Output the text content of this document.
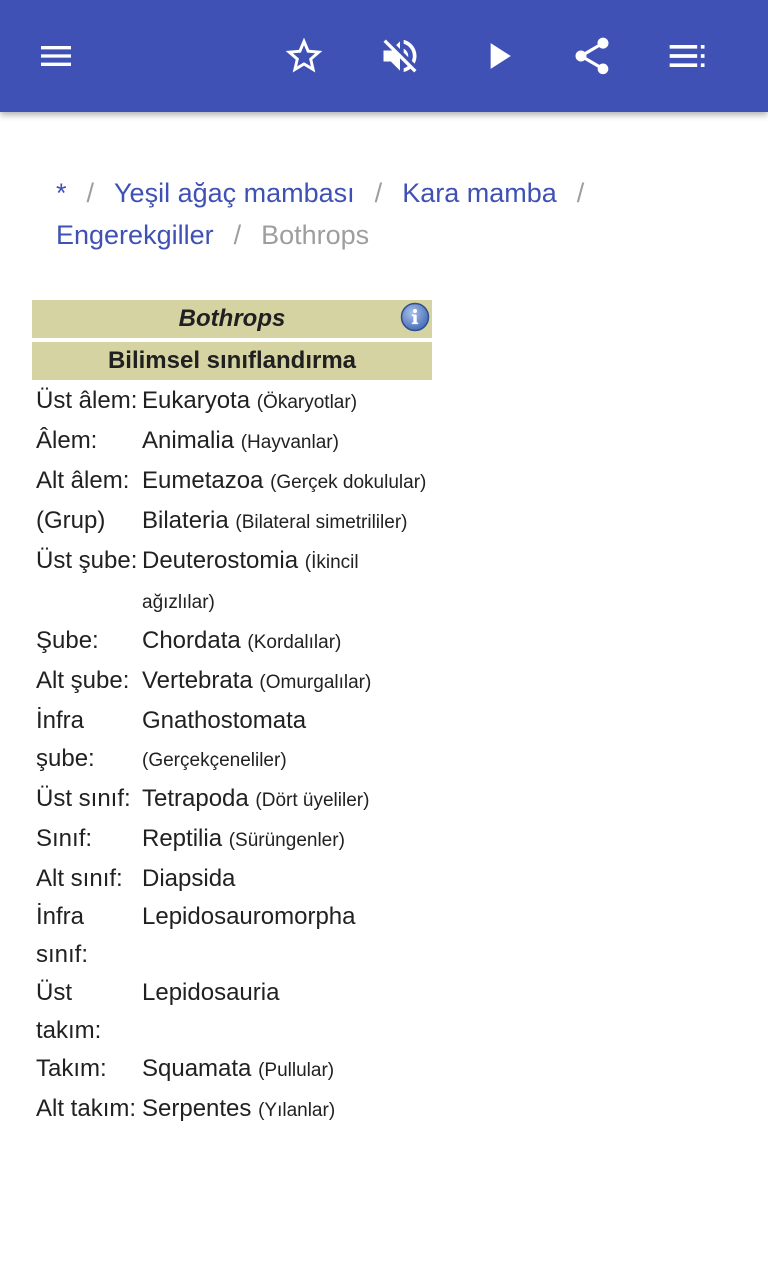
* / Yeşil ağaç mambası / Kara mamba /
Engerekgiller / Bothrops
Bothrops
Bilimsel sınıflandırma
Üst âlem: Eukaryota (Ökaryotlar)
Âlem:	Animalia (Hayvanlar)
Alt âlem: Eumetazoa (Gerçek dokulular)
(Grup)	Bilateria (Bilateral simetrililer)
Üst şube: Deuterostomia (İkincil ağızlılar)
Şube:	Chordata (Kordalılar)
Alt şube: Vertebrata (Omurgalılar)
İnfra şube:
Gnathostomata (Gerçekçeneliler)
Üst sınıf: Tetrapoda (Dört üyeliler)
Sınıf:	Reptilia (Sürüngenler)
Alt sınıf: Diapsida
İnfra sınıf:
Lepidosauromorpha
Üst takım:
Lepidosauria
Takım:	Squamata (Pullular)
Alt takım: Serpentes (Yılanlar)
